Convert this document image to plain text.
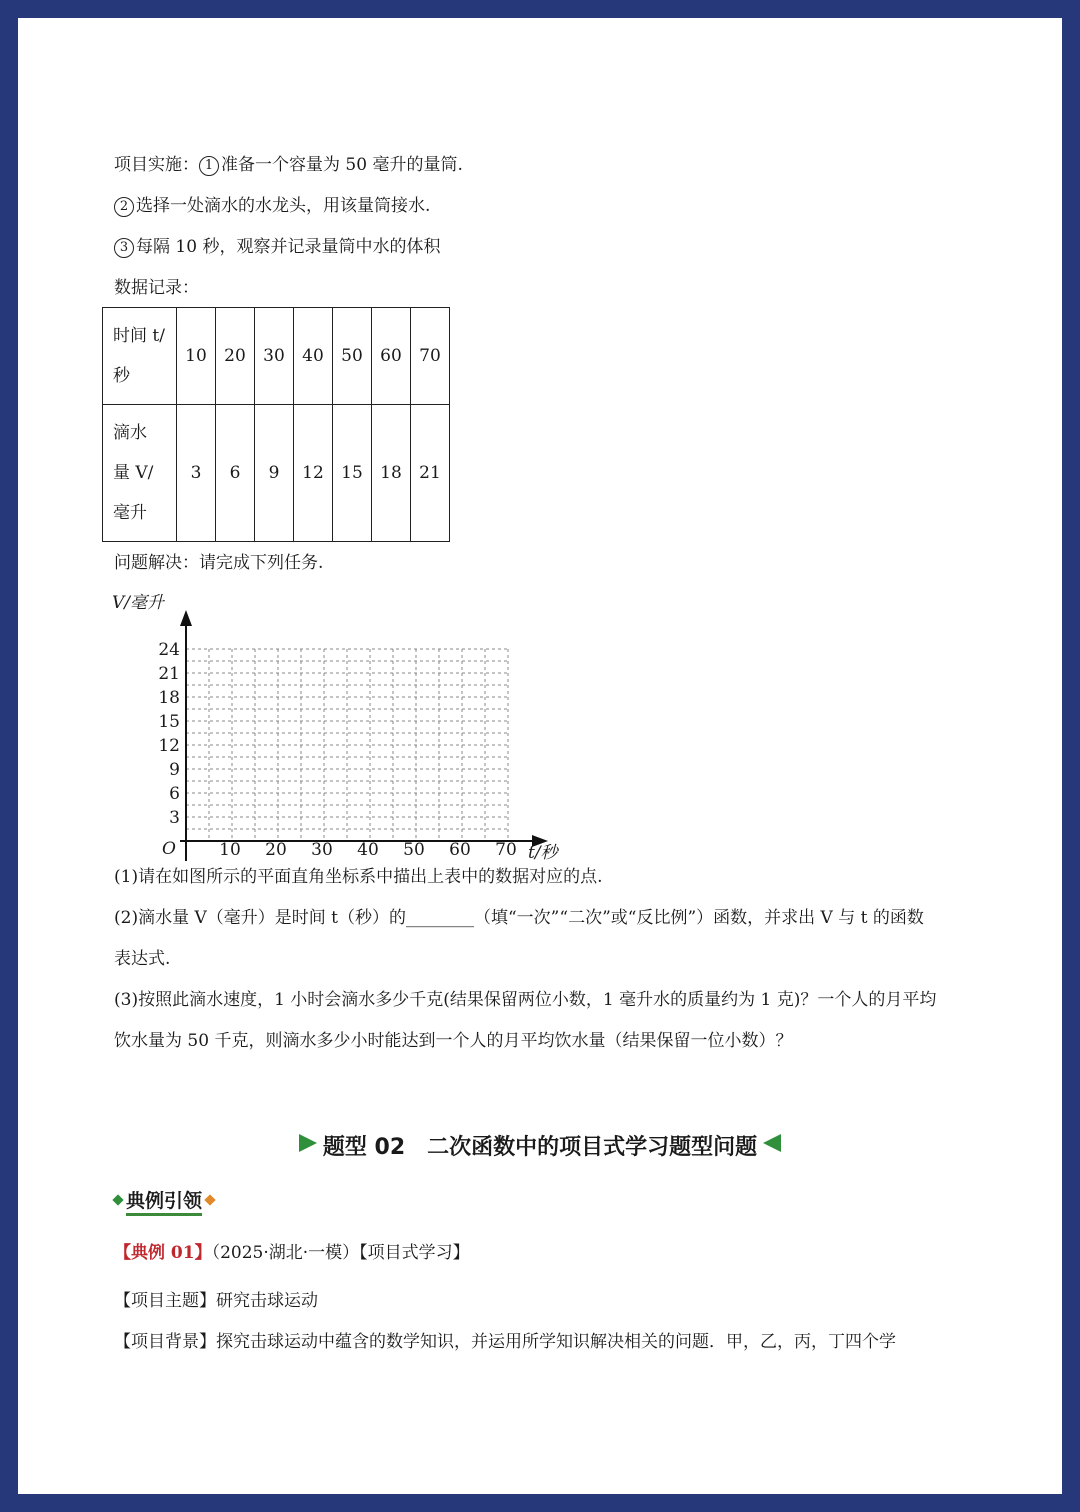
项目实施： 1 准备一个容量为 50 毫升的量筒.
2 选择一处滴水的水龙头，用该量筒接水.
3 每隔 10 秒，观察并记录量筒中水的体积
数据记录：
时间 t/
秒	10	20	30	40	50	60	70

滴水
量 V/
毫升	3	6	9	12	15	18	21
问题解决：请完成下列任务.
3
6
9
12
15
18
21
24
10 20 30 40 50 60 70
V/毫升
t/秒
O
(1)请在如图所示的平面直角坐标系中描出上表中的数据对应的点.
(2)滴水量 V（毫升）是时间 t（秒）的________（填“一次”“二次”或“反比例”）函数，并求出 V 与 t 的函数
表达式.
(3)按照此滴水速度，1 小时会滴水多少千克(结果保留两位小数，1 毫升水的质量约为 1 克)？一个人的月平均
饮水量为 50 千克，则滴水多少小时能达到一个人的月平均饮水量（结果保留一位小数）？
题型 02　二次函数中的项目式学习题型问题
典例引领
【典例 01】（2025·湖北·一模）【项目式学习】
【项目主题】研究击球运动
【项目背景】探究击球运动中蕴含的数学知识，并运用所学知识解决相关的问题．甲，乙，丙，丁四个学
